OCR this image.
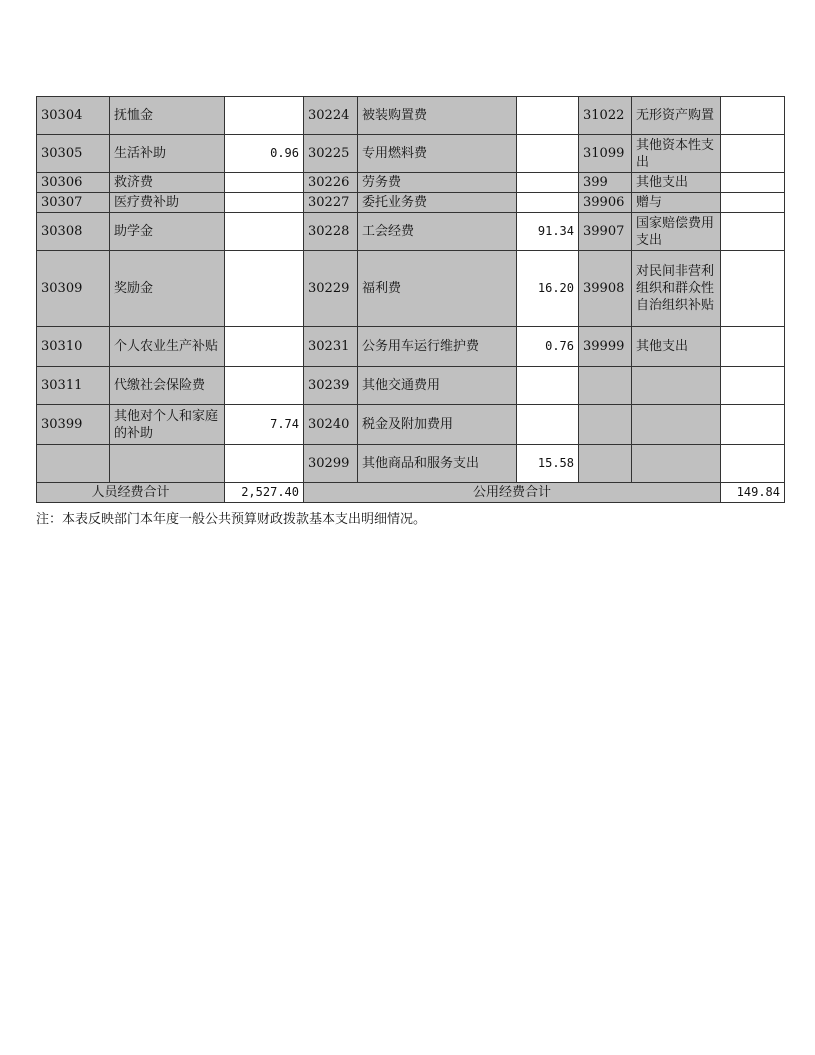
30304	抚恤金		30224	被装购置费		31022	无形资产购置	
30305	生活补助	0.96	30225	专用燃料费		31099	其他资本性支出	
30306	救济费		30226	劳务费		399	其他支出	
30307	医疗费补助		30227	委托业务费		39906	赠与	
30308	助学金		30228	工会经费	91.34	39907	国家赔偿费用支出	
30309	奖励金		30229	福利费	16.20	39908	对民间非营利组织和群众性自治组织补贴	
30310	个人农业生产补贴		30231	公务用车运行维护费	0.76	39999	其他支出	
30311	代缴社会保险费		30239	其他交通费用				
30399	其他对个人和家庭的补助	7.74	30240	税金及附加费用				
			30299	其他商品和服务支出	15.58			
人员经费合计		2,527.40	公用经费合计					149.84
注：本表反映部门本年度一般公共预算财政拨款基本支出明细情况。
